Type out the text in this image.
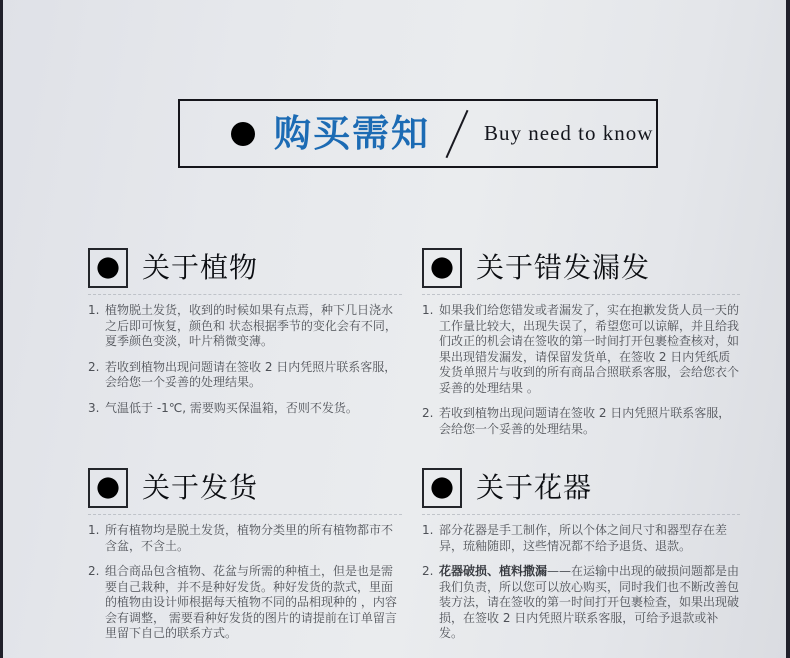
购买需知	Buy need to know
关于植物
1. 植物脱土发货，收到的时候如果有点焉，种下几日浇水之后即可恢复，颜色和 状态根据季节的变化会有不同，夏季颜色变淡，叶片稍微变薄。

2. 若收到植物出现问题请在签收 2 日内凭照片联系客服，会给您一个妥善的处理结果。

3. 气温低于 -1℃, 需要购买保温箱，否则不发货。

关于错发漏发
1. 如果我们给您错发或者漏发了，实在抱歉发货人员一天的工作量比较大，出现失误了，希望您可以谅解，并且给我们改正的机会请在签收的第一时间打开包裹检查核对，如果出现错发漏发，请保留发货单，在签收 2 日内凭纸质发货单照片与收到的所有商品合照联系客服，会给您衣个妥善的处理结果 。

2. 若收到植物出现问题请在签收 2 日内凭照片联系客服，会给您一个妥善的处理结果。

关于发货
1. 所有植物均是脱土发货，植物分类里的所有植物都市不含盆，不含土。

2. 组合商品包含植物、花盆与所需的种植土，但是也是需要自己栽种，并不是种好发货。种好发货的款式，里面的植物由设计师根据每天植物不同的品相现种的 ，内容会有调整， 需要看种好发货的图片的请提前在订单留言里留下自己的联系方式。

关于花器
1. 部分花器是手工制作，所以个体之间尺寸和器型存在差异，琉釉随即，这些情况都不给予退货、退款。

2. 花器破损、植料撒漏——在运输中出现的破损问题都是由我们负责，所以您可以放心购买，同时我们也不断改善包装方法，请在签收的第一时间打开包裹检查，如果出现破损，在签收 2 日内凭照片联系客服，可给予退款或补发。
